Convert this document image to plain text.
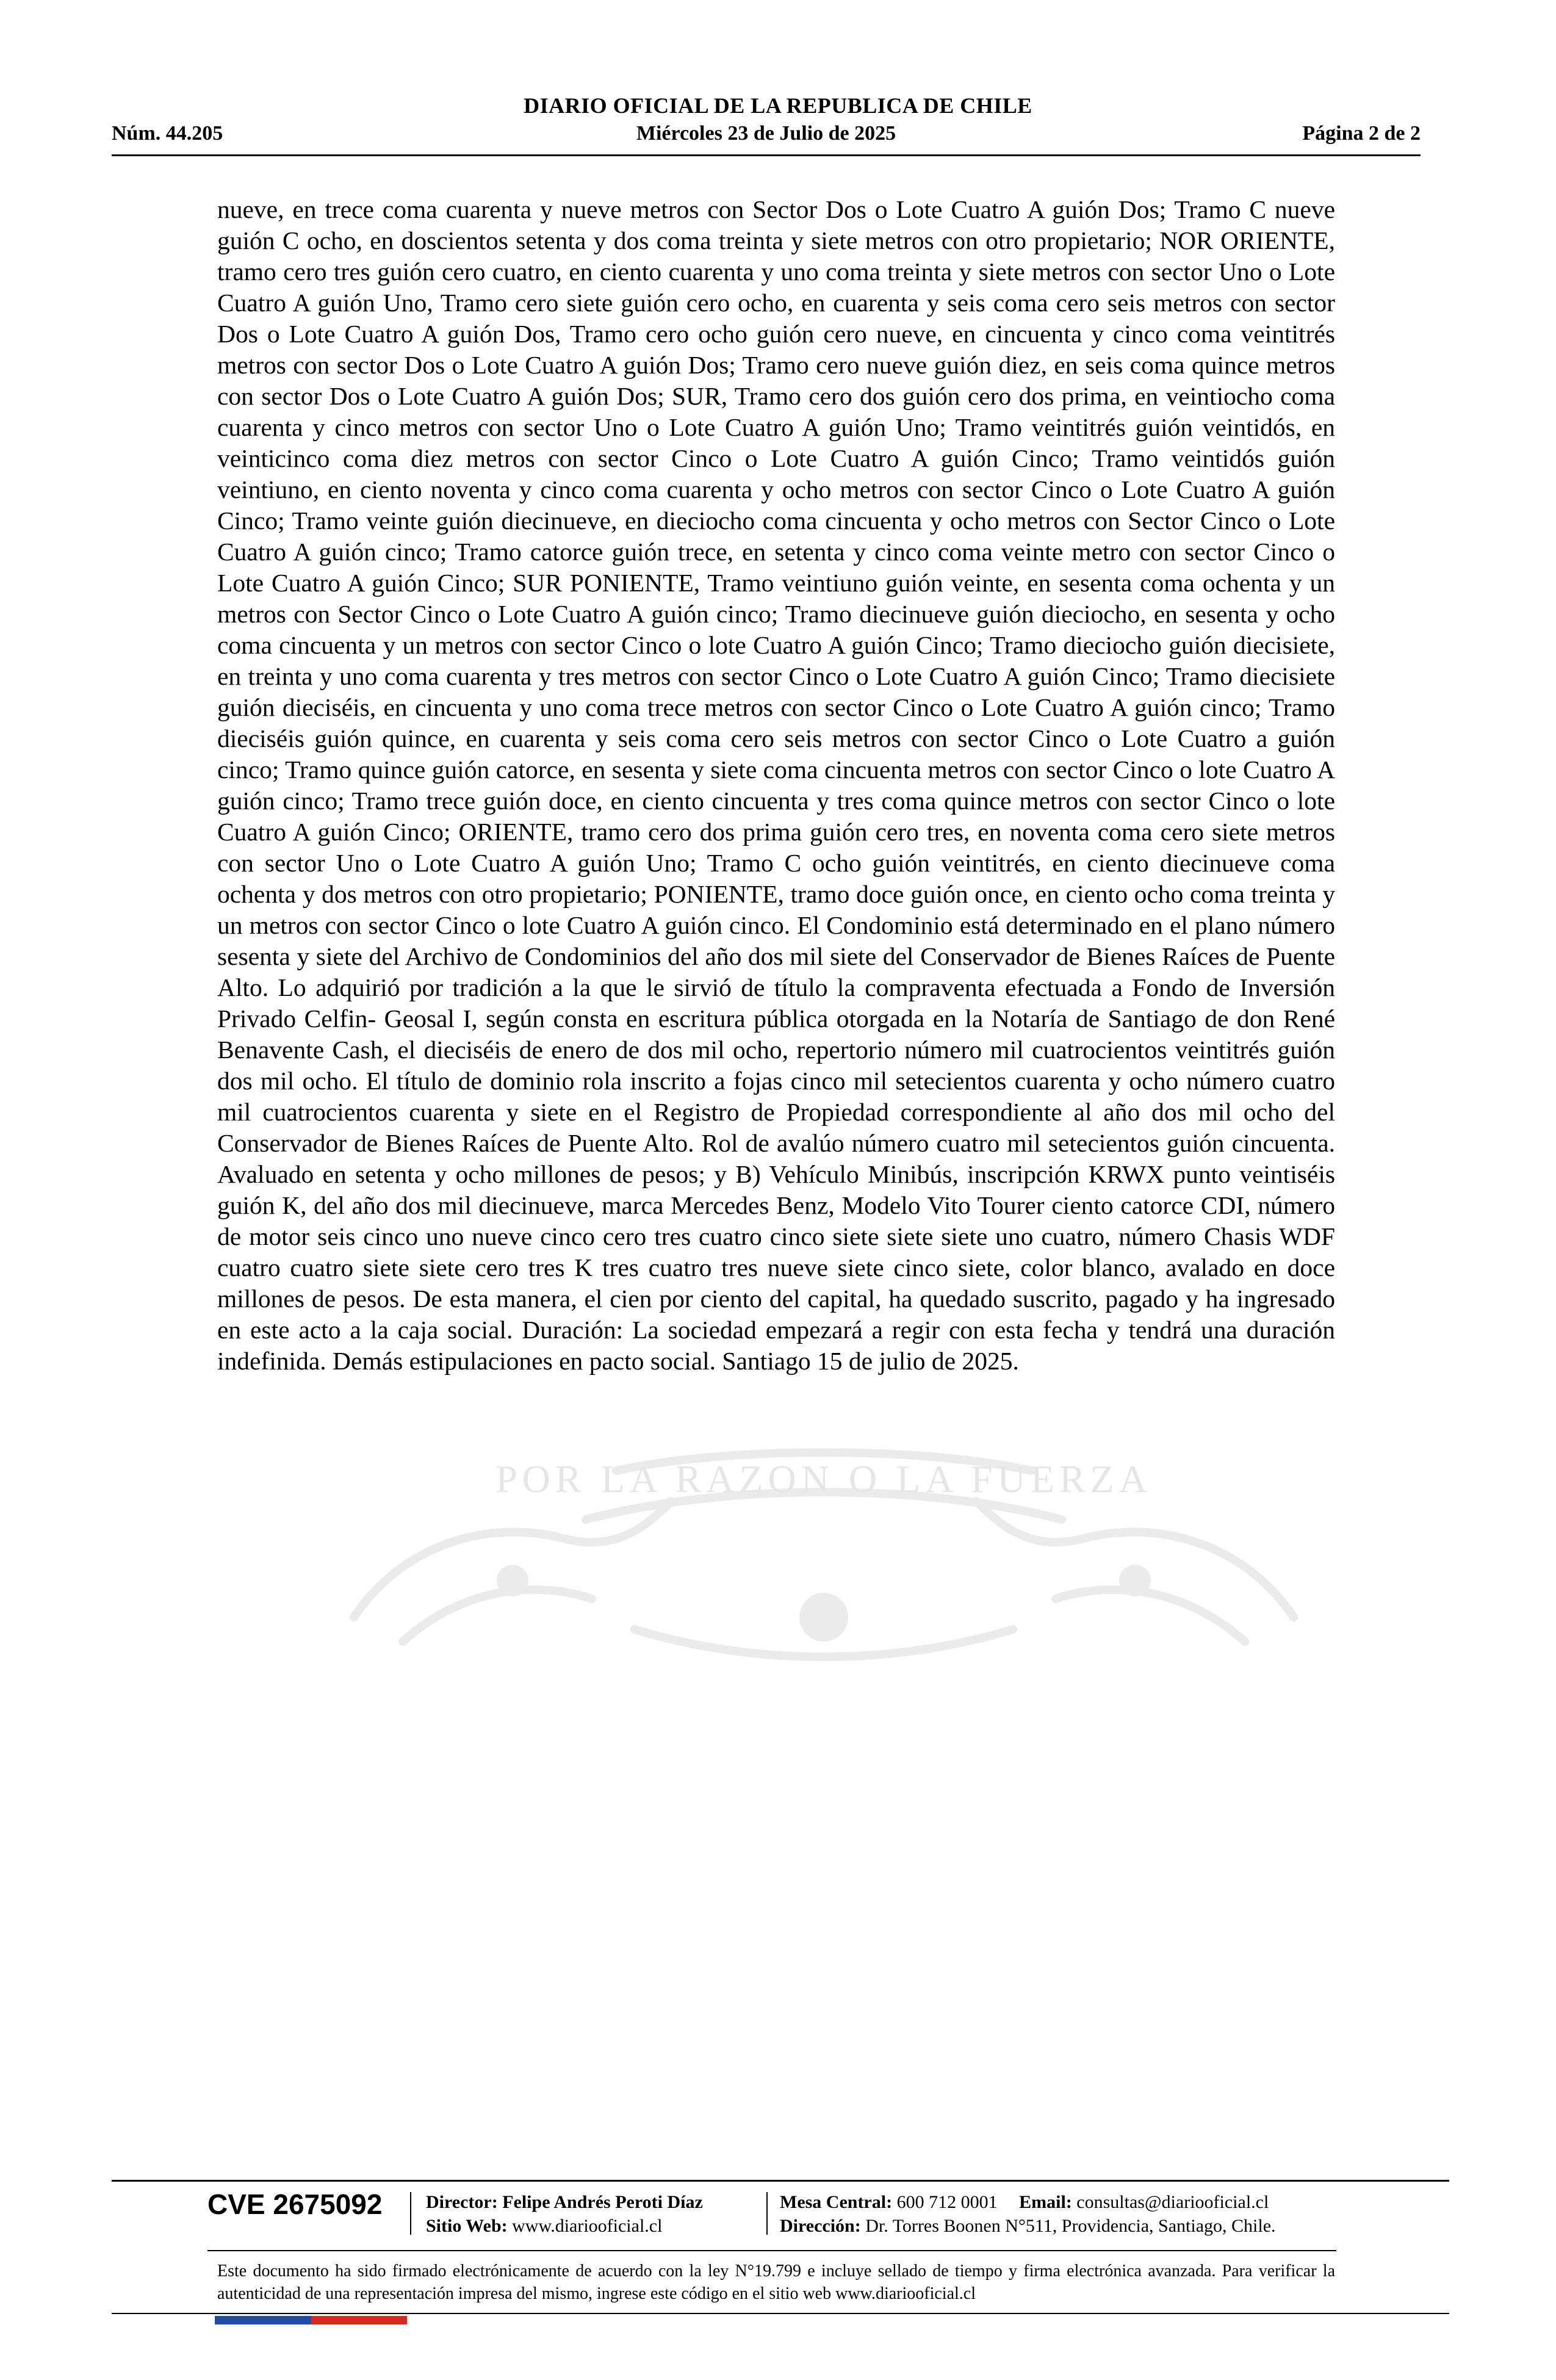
DIARIO OFICIAL DE LA REPUBLICA DE CHILE
Núm. 44.205	Miércoles 23 de Julio de 2025	Página 2 de 2
POR LA RAZON O LA FUERZA
nueve, en trece coma cuarenta y nueve metros con Sector Dos o Lote Cuatro A guión Dos; Tramo C nueve guión C ocho, en doscientos setenta y dos coma treinta y siete metros con otro propietario; NOR ORIENTE, tramo cero tres guión cero cuatro, en ciento cuarenta y uno coma treinta y siete metros con sector Uno o Lote Cuatro A guión Uno, Tramo cero siete guión cero ocho, en cuarenta y seis coma cero seis metros con sector Dos o Lote Cuatro A guión Dos, Tramo cero ocho guión cero nueve, en cincuenta y cinco coma veintitrés metros con sector Dos o Lote Cuatro A guión Dos; Tramo cero nueve guión diez, en seis coma quince metros con sector Dos o Lote Cuatro A guión Dos; SUR, Tramo cero dos guión cero dos prima, en veintiocho coma cuarenta y cinco metros con sector Uno o Lote Cuatro A guión Uno; Tramo veintitrés guión veintidós, en veinticinco coma diez metros con sector Cinco o Lote Cuatro A guión Cinco; Tramo veintidós guión veintiuno, en ciento noventa y cinco coma cuarenta y ocho metros con sector Cinco o Lote Cuatro A guión Cinco; Tramo veinte guión diecinueve, en dieciocho coma cincuenta y ocho metros con Sector Cinco o Lote Cuatro A guión cinco; Tramo catorce guión trece, en setenta y cinco coma veinte metro con sector Cinco o Lote Cuatro A guión Cinco; SUR PONIENTE, Tramo veintiuno guión veinte, en sesenta coma ochenta y un metros con Sector Cinco o Lote Cuatro A guión cinco; Tramo diecinueve guión dieciocho, en sesenta y ocho coma cincuenta y un metros con sector Cinco o lote Cuatro A guión Cinco; Tramo dieciocho guión diecisiete, en treinta y uno coma cuarenta y tres metros con sector Cinco o Lote Cuatro A guión Cinco; Tramo diecisiete guión dieciséis, en cincuenta y uno coma trece metros con sector Cinco o Lote Cuatro A guión cinco; Tramo dieciséis guión quince, en cuarenta y seis coma cero seis metros con sector Cinco o Lote Cuatro a guión cinco; Tramo quince guión catorce, en sesenta y siete coma cincuenta metros con sector Cinco o lote Cuatro A guión cinco; Tramo trece guión doce, en ciento cincuenta y tres coma quince metros con sector Cinco o lote Cuatro A guión Cinco; ORIENTE, tramo cero dos prima guión cero tres, en noventa coma cero siete metros con sector Uno o Lote Cuatro A guión Uno; Tramo C ocho guión veintitrés, en ciento diecinueve coma ochenta y dos metros con otro propietario; PONIENTE, tramo doce guión once, en ciento ocho coma treinta y un metros con sector Cinco o lote Cuatro A guión cinco. El Condominio está determinado en el plano número sesenta y siete del Archivo de Condominios del año dos mil siete del Conservador de Bienes Raíces de Puente Alto. Lo adquirió por tradición a la que le sirvió de título la compraventa efectuada a Fondo de Inversión Privado Celfin- Geosal I, según consta en escritura pública otorgada en la Notaría de Santiago de don René Benavente Cash, el dieciséis de enero de dos mil ocho, repertorio número mil cuatrocientos veintitrés guión dos mil ocho. El título de dominio rola inscrito a fojas cinco mil setecientos cuarenta y ocho número cuatro mil cuatrocientos cuarenta y siete en el Registro de Propiedad correspondiente al año dos mil ocho del Conservador de Bienes Raíces de Puente Alto. Rol de avalúo número cuatro mil setecientos guión cincuenta. Avaluado en setenta y ocho millones de pesos; y B) Vehículo Minibús, inscripción KRWX punto veintiséis guión K, del año dos mil diecinueve, marca Mercedes Benz, Modelo Vito Tourer ciento catorce CDI, número de motor seis cinco uno nueve cinco cero tres cuatro cinco siete siete siete uno cuatro, número Chasis WDF cuatro cuatro siete siete cero tres K tres cuatro tres nueve siete cinco siete, color blanco, avalado en doce millones de pesos. De esta manera, el cien por ciento del capital, ha quedado suscrito, pagado y ha ingresado en este acto a la caja social. Duración: La sociedad empezará a regir con esta fecha y tendrá una duración indefinida. Demás estipulaciones en pacto social. Santiago 15 de julio de 2025.
CVE 2675092 Director: Felipe Andrés Peroti Díaz
Sitio Web: www.diariooficial.cl
Mesa Central: 600 712 0001 Email: consultas@diariooficial.cl
Dirección: Dr. Torres Boonen N°511, Providencia, Santiago, Chile.
Este documento ha sido firmado electrónicamente de acuerdo con la ley N°19.799 e incluye sellado de tiempo y firma electrónica avanzada. Para verificar la autenticidad de una representación impresa del mismo, ingrese este código en el sitio web www.diariooficial.cl
